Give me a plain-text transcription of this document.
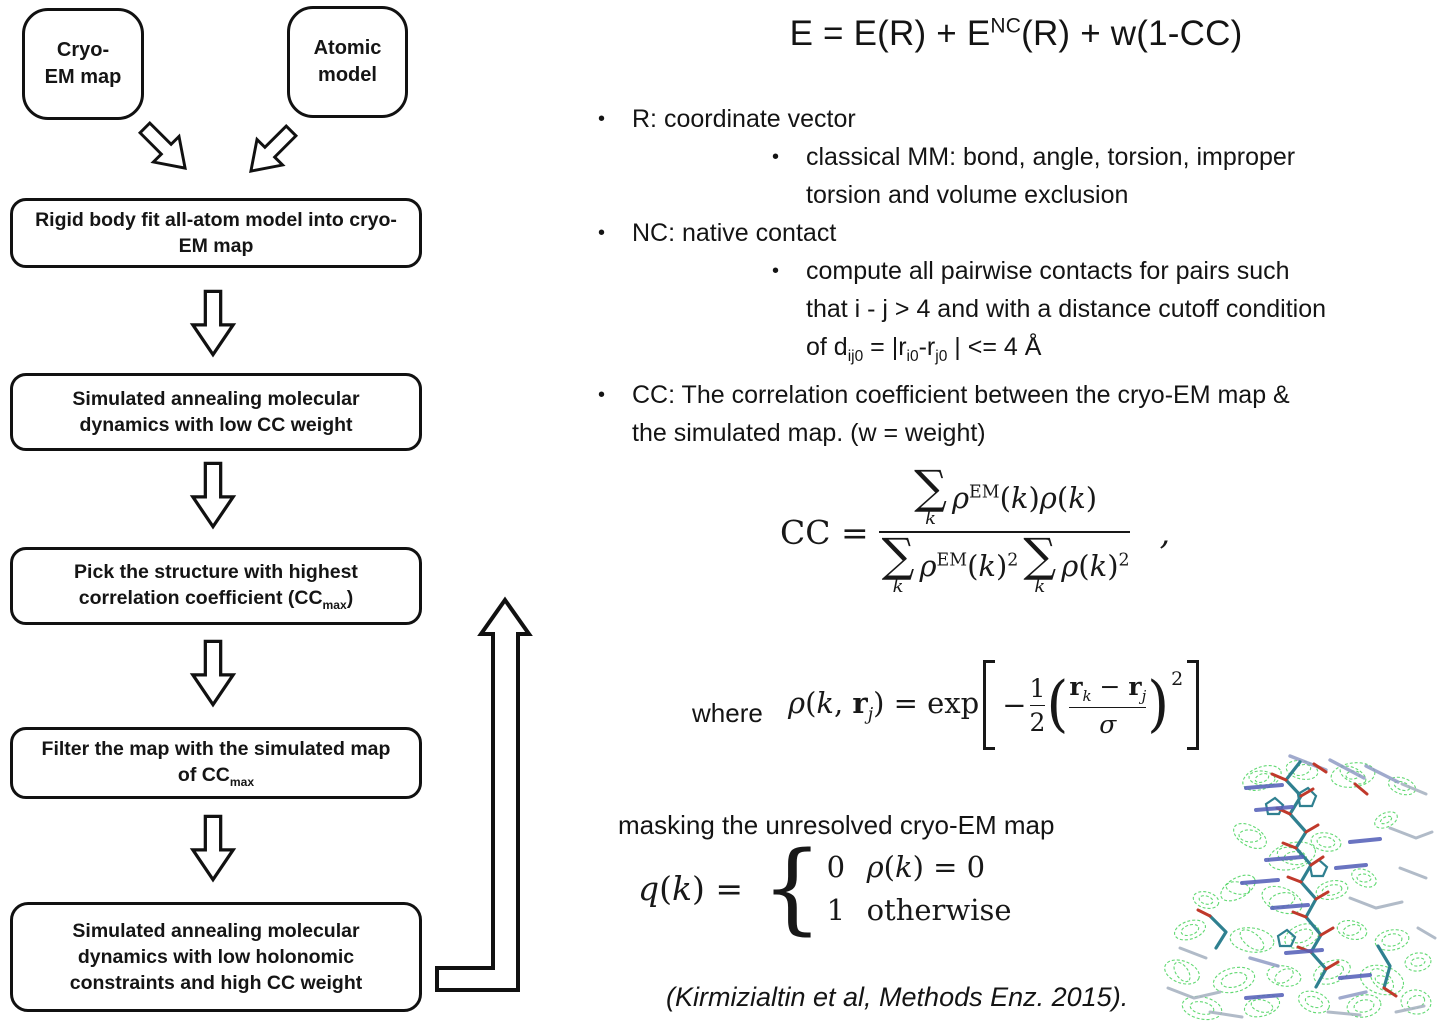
Cryo-
EM map
Atomic
model
Rigid body fit all-atom model into cryo-
EM map
Simulated annealing molecular
dynamics with low CC weight
Pick the structure with highest
correlation coefficient $(CC_{max})$
Filter the map with the simulated map
of $CC_{max}$
Simulated annealing molecular
dynamics with low holonomic
constraints and high CC weight
$E = E(R) + E^{NC}(R) + w(1-CC)$
•	R: coordinate vector
•	classical MM: bond, angle, torsion, improper
torsion and volume exclusion
•	NC: native contact
•	compute all pairwise contacts for pairs such
that i - j > 4 and with a distance cutoff condition
of $d_{ij0} = |r_{i0}-r_{j0}$ | <= 4 Å
•	CC: The correlation coefficient between the cryo-EM map &
the simulated map. (w = weight)
CC =
∑
k
$\rho^{EM}(k)\rho(k)$
∑
k
$\rho^{EM}(k)^2$ ∑
k
$\rho(k)^2$
,
where ρ(k, $r_j) = \exp - \frac{1}{2}$ ( $\frac{r_k - r_j}{\sigma}$ ) 2
masking the unresolved cryo-EM map
q(k) = { 0 ρ(k) = 0
1 otherwise
(Kirmizialtin et al, Methods Enz. 2015).
